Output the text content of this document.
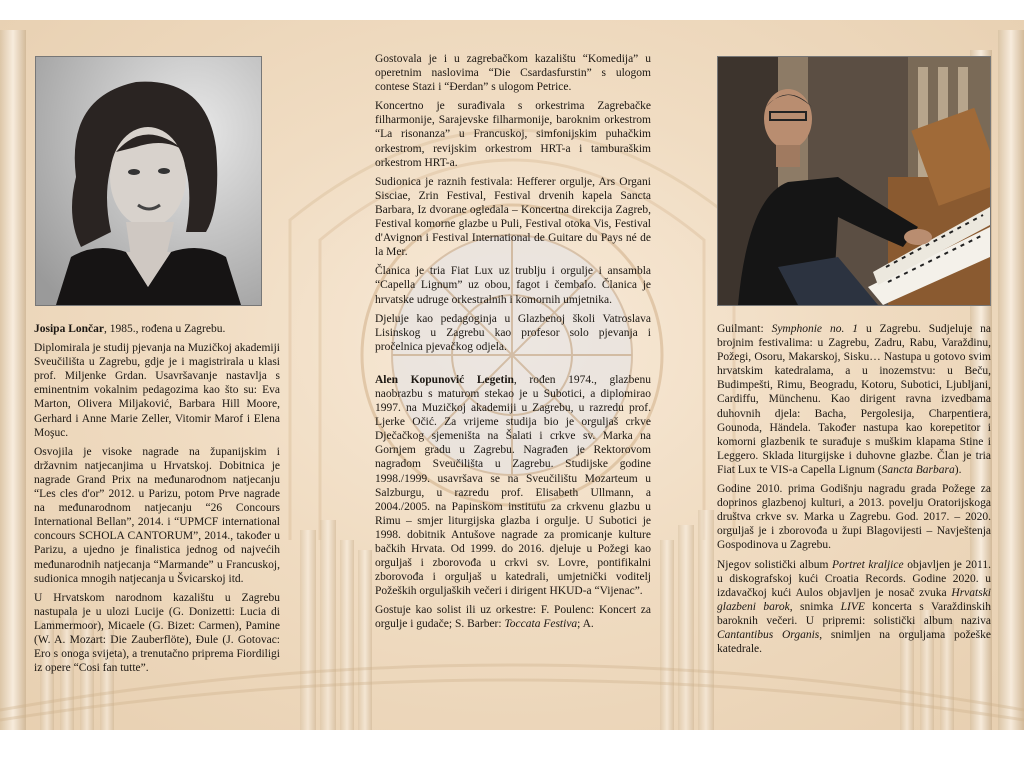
Josipa Lončar, 1985., rođena u Zagrebu.

Diplomirala je studij pjevanja na Muzičkoj akademiji Sveučilišta u Zagrebu, gdje je i magistrirala u klasi prof. Miljenke Grdan. Usavršavanje nastavlja s eminentnim vokalnim pedagozima kao što su: Eva Marton, Olivera Miljaković, Barbara Hill Moore, Gerhard i Anne Marie Zeller, Vitomir Marof i Elena Moşuc.

Osvojila je visoke nagrade na županijskim i državnim natjecanjima u Hrvatskoj. Dobitnica je nagrade Grand Prix na međunarodnom natjecanju “Les cles d'or” 2012. u Parizu, potom Prve nagrade na međunarodnom natjecanju “26 Concours International Bellan”, 2014. i “UPMCF international concours SCHOLA CANTORUM”, 2014., također u Parizu, a ujedno je finalistica jednog od najvećih međunarodnih natjecanja “Marmande” u Francuskoj, sudionica mnogih natjecanja u Švicarskoj itd.

U Hrvatskom narodnom kazalištu u Zagrebu nastupala je u ulozi Lucije (G. Donizetti: Lucia di Lammermoor), Micaele (G. Bizet: Carmen), Pamine (W. A. Mozart: Die Zauberflöte), Đule (J. Gotovac: Ero s onoga svijeta), a trenutačno priprema Fiordiligi iz opere “Cosi fan tutte”.

Gostovala je i u zagrebačkom kazalištu “Komedija” u operetnim naslovima “Die Csardasfurstin” s ulogom contese Stazi i “Đerdan” s ulogom Petrice.

Koncertno je surađivala s orkestrima Zagrebačke filharmonije, Sarajevske filharmonije, baroknim orkestrom “La risonanza” u Francuskoj, simfonijskim puhačkim orkestrom, revijskim orkestrom HRT-a i tamburaškim orkestrom HRT-a.

Sudionica je raznih festivala: Hefferer orgulje, Ars Organi Sisciae, Zrin Festival, Festival drvenih kapela Sancta Barbara, Iz dvorane ogledala – Koncertna direkcija Zagreb, Festival komorne glazbe u Puli, Festival otoka Vis, Festival d'Avignon i Festival International de Guitare du Pays né de la Mer.

Članica je tria Fiat Lux uz trublju i orgulje i ansambla “Capella Lignum” uz obou, fagot i čembalo. Članica je hrvatske udruge orkestralnih i komornih umjetnika.

Djeluje kao pedagoginja u Glazbenoj školi Vatroslava Lisinskog u Zagrebu kao profesor solo pjevanja i pročelnica pjevačkog odjela.

Alen Kopunović Legetin, rođen 1974., glazbenu naobrazbu s maturom stekao je u Subotici, a diplomirao 1997. na Muzičkoj akademiji u Zagrebu, u razredu prof. Ljerke Očić. Za vrijeme studija bio je orguljaš crkve Dječačkog sjemeništa na Šalati i crkve sv. Marka na Gornjem gradu u Zagrebu. Nagrađen je Rektorovom nagradom Sveučilišta u Zagrebu. Studijske godine 1998./1999. usavršava se na Sveučilištu Mozarteum u Salzburgu, u razredu prof. Elisabeth Ullmann, a 2004./2005. na Papinskom institutu za crkvenu glazbu u Rimu – smjer liturgijska glazba i orgulje. U Subotici je 1998. dobitnik Antušove nagrade za promicanje kulture bačkih Hrvata. Od 1999. do 2016. djeluje u Požegi kao orguljaš i zborovođa u crkvi sv. Lovre, pontifikalni zborovođa i orguljaš u katedrali, umjetnički voditelj Požeških orguljaških večeri i dirigent HKUD-a “Vijenac”.

Gostuje kao solist ili uz orkestre: F. Poulenc: Koncert za orgulje i gudače; S. Barber: Toccata Festiva; A.

Guilmant: Symphonie no. 1 u Zagrebu. Sudjeluje na brojnim festivalima: u Zagrebu, Zadru, Rabu, Varaždinu, Požegi, Osoru, Makarskoj, Sisku… Nastupa u gotovo svim hrvatskim katedralama, a u inozemstvu: u Beču, Budimpešti, Rimu, Beogradu, Kotoru, Subotici, Ljubljani, Cardiffu, Münchenu. Kao dirigent ravna izvedbama duhovnih djela: Bacha, Pergolesija, Charpentiera, Gounoda, Händela. Također nastupa kao korepetitor i komorni glazbenik te surađuje s muškim klapama Stine i Leggero. Sklada liturgijske i duhovne glazbe. Član je tria Fiat Lux te VIS-a Capella Lignum (Sancta Barbara).

Godine 2010. prima Godišnju nagradu grada Požege za doprinos glazbenoj kulturi, a 2013. povelju Oratorijskoga društva crkve sv. Marka u Zagrebu. God. 2017. – 2020. orguljaš je i zborovođa u župi Blagovijesti – Navještenja Gospodinova u Zagrebu.

Njegov solistički album Portret kraljice objavljen je 2011. u diskografskoj kući Croatia Records. Godine 2020. u izdavačkoj kući Aulos objavljen je nosač zvuka Hrvatski glazbeni barok, snimka LIVE koncerta s Varaždinskih baroknih večeri. U pripremi: solistički album naziva Cantantibus Organis, snimljen na orguljama požeške katedrale.
